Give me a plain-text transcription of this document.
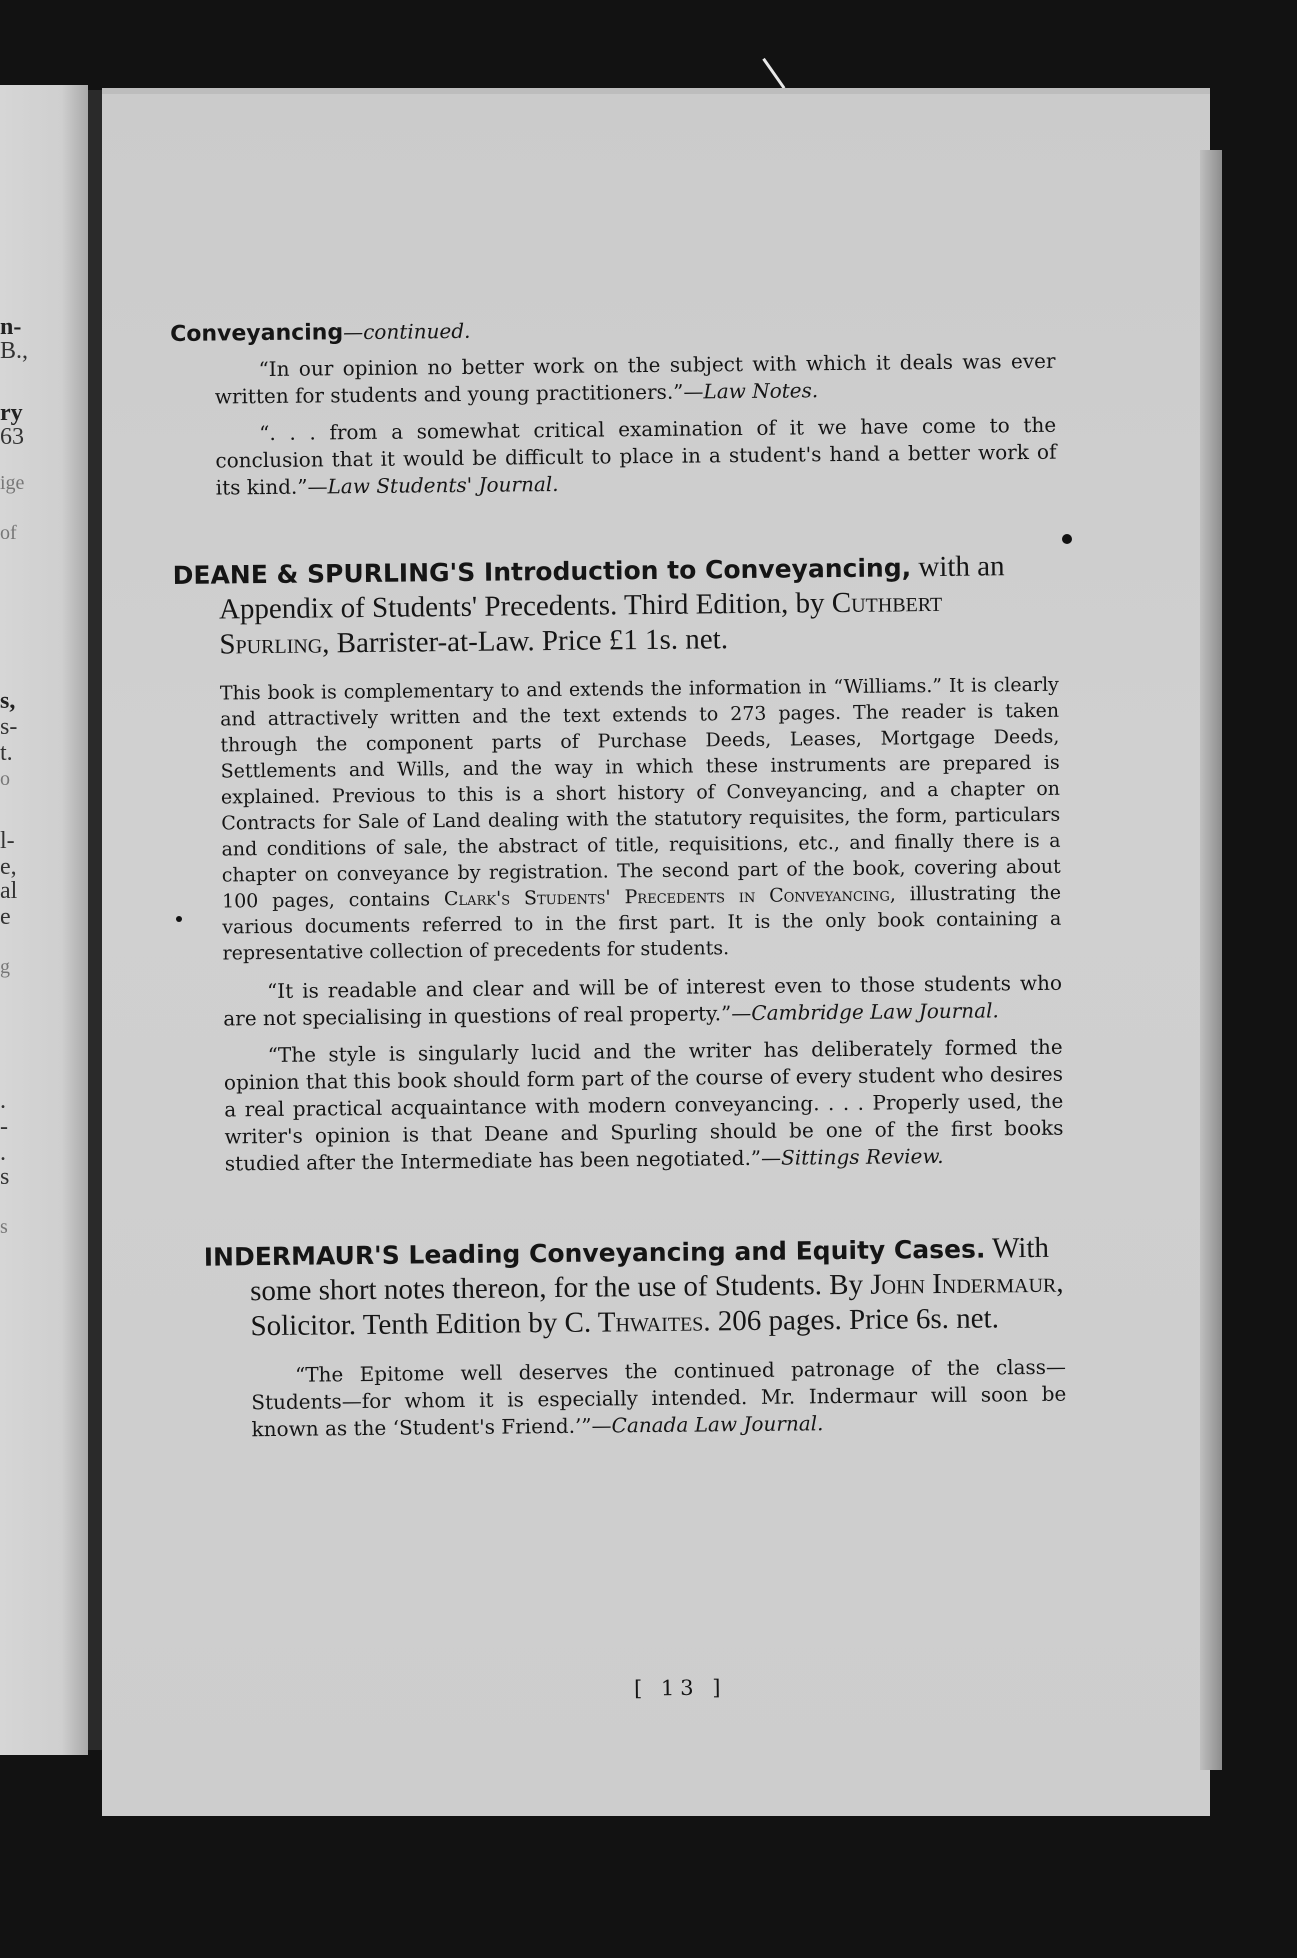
n-
B.,
ry
63
ige
of
s,
s-
t.
o
l-
e,
al
e
g
.
-
.
s
s
Conveyancing—continued.

“In our opinion no better work on the subject with which it deals was ever written for students and young practitioners.”—Law Notes.

“. . . from a somewhat critical examination of it we have come to the conclusion that it would be difficult to place in a student's hand a better work of its kind.”—Law Students' Journal.

DEANE & SPURLING'S Introduction to Conveyancing, with an Appendix of Students' Precedents. Third Edition, by Cuthbert Spurling, Barrister-at-Law. Price £1 1s. net.
This book is complementary to and extends the information in “Williams.” It is clearly and attractively written and the text extends to 273 pages. The reader is taken through the component parts of Purchase Deeds, Leases, Mortgage Deeds, Settlements and Wills, and the way in which these instruments are prepared is explained. Previous to this is a short history of Conveyancing, and a chapter on Contracts for Sale of Land dealing with the statutory requisites, the form, particulars and conditions of sale, the abstract of title, requisitions, etc., and finally there is a chapter on conveyance by registration. The second part of the book, covering about 100 pages, contains Clark's Students' Precedents in Conveyancing, illustrating the various documents referred to in the first part. It is the only book containing a representative collection of precedents for students.

“It is readable and clear and will be of interest even to those students who are not specialising in questions of real property.”—Cambridge Law Journal.

“The style is singularly lucid and the writer has deliberately formed the opinion that this book should form part of the course of every student who desires a real practical acquaintance with modern conveyancing. . . . Properly used, the writer's opinion is that Deane and Spurling should be one of the first books studied after the Intermediate has been negotiated.”—Sittings Review.

INDERMAUR'S Leading Conveyancing and Equity Cases. With some short notes thereon, for the use of Students. By John Indermaur, Solicitor. Tenth Edition by C. Thwaites. 206 pages. Price 6s. net.

“The Epitome well deserves the continued patronage of the class—Students—for whom it is especially intended. Mr. Indermaur will soon be known as the ‘Student's Friend.’”—Canada Law Journal.

[ 13 ]
